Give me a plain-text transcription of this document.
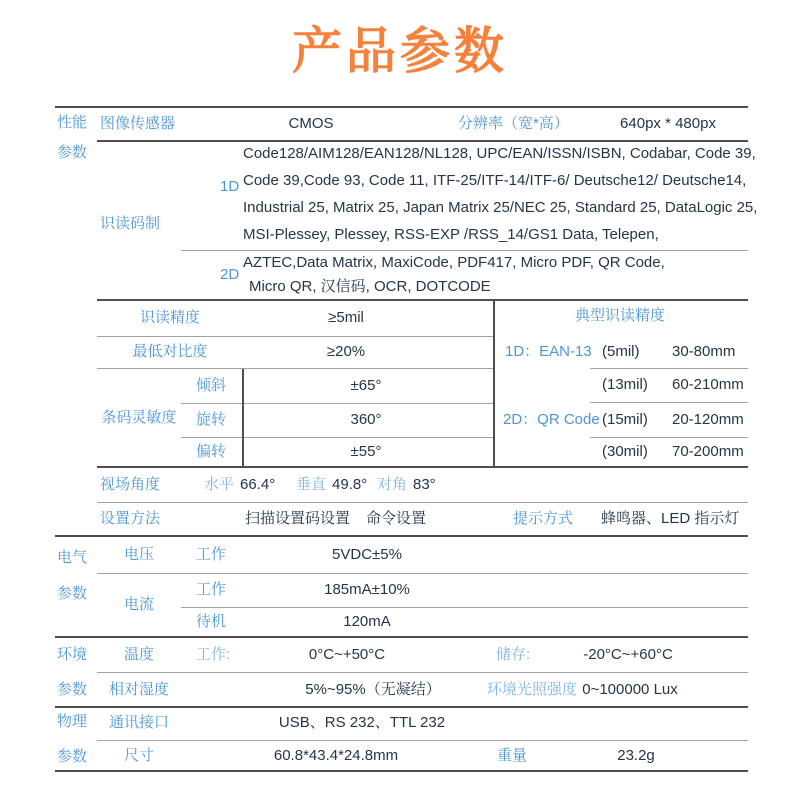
产品参数
性能
参数
图像传感器	CMOS	分辨率（宽*高）	640px * 480px
识读码制
1D
Code128/AIM128/EAN128/NL128, UPC/EAN/ISSN/ISBN, Codabar, Code 39,
Code 39,Code 93, Code 11, ITF-25/ITF-14/ITF-6/ Deutsche12/ Deutsche14,
Industrial 25, Matrix 25, Japan Matrix 25/NEC 25, Standard 25, DataLogic 25,
MSI-Plessey, Plessey, RSS-EXP /RSS_14/GS1 Data, Telepen,
2D
AZTEC,Data Matrix, MaxiCode, PDF417, Micro PDF, QR Code,
Micro QR, 汉信码, OCR, DOTCODE
识读精度	≥5mil
最低对比度	≥20%
条码灵敏度
倾斜	±65°
旋转	360°
偏转	±55°
典型识读精度
1D：EAN-13 (5mil) 30-80mm
(13mil) 60-210mm
2D：QR Code (15mil) 20-120mm
(30mil) 70-200mm
视场角度	水平 66.4° 垂直 49.8° 对角 83°
设置方法	扫描设置码设置 命令设置	提示方式 蜂鸣器、LED 指示灯
电气
参数
电压	工作	5VDC±5%
电流
工作	185mA±10%
待机	120mA
环境
参数
温度	工作:	0°C~+50°C	储存:	-20°C~+60°C
相对湿度	5%~95%（无凝结）	环境光照强度 0~100000 Lux
物理
参数
通讯接口	USB、RS 232、TTL 232
尺寸	60.8*43.4*24.8mm	重量	23.2g
